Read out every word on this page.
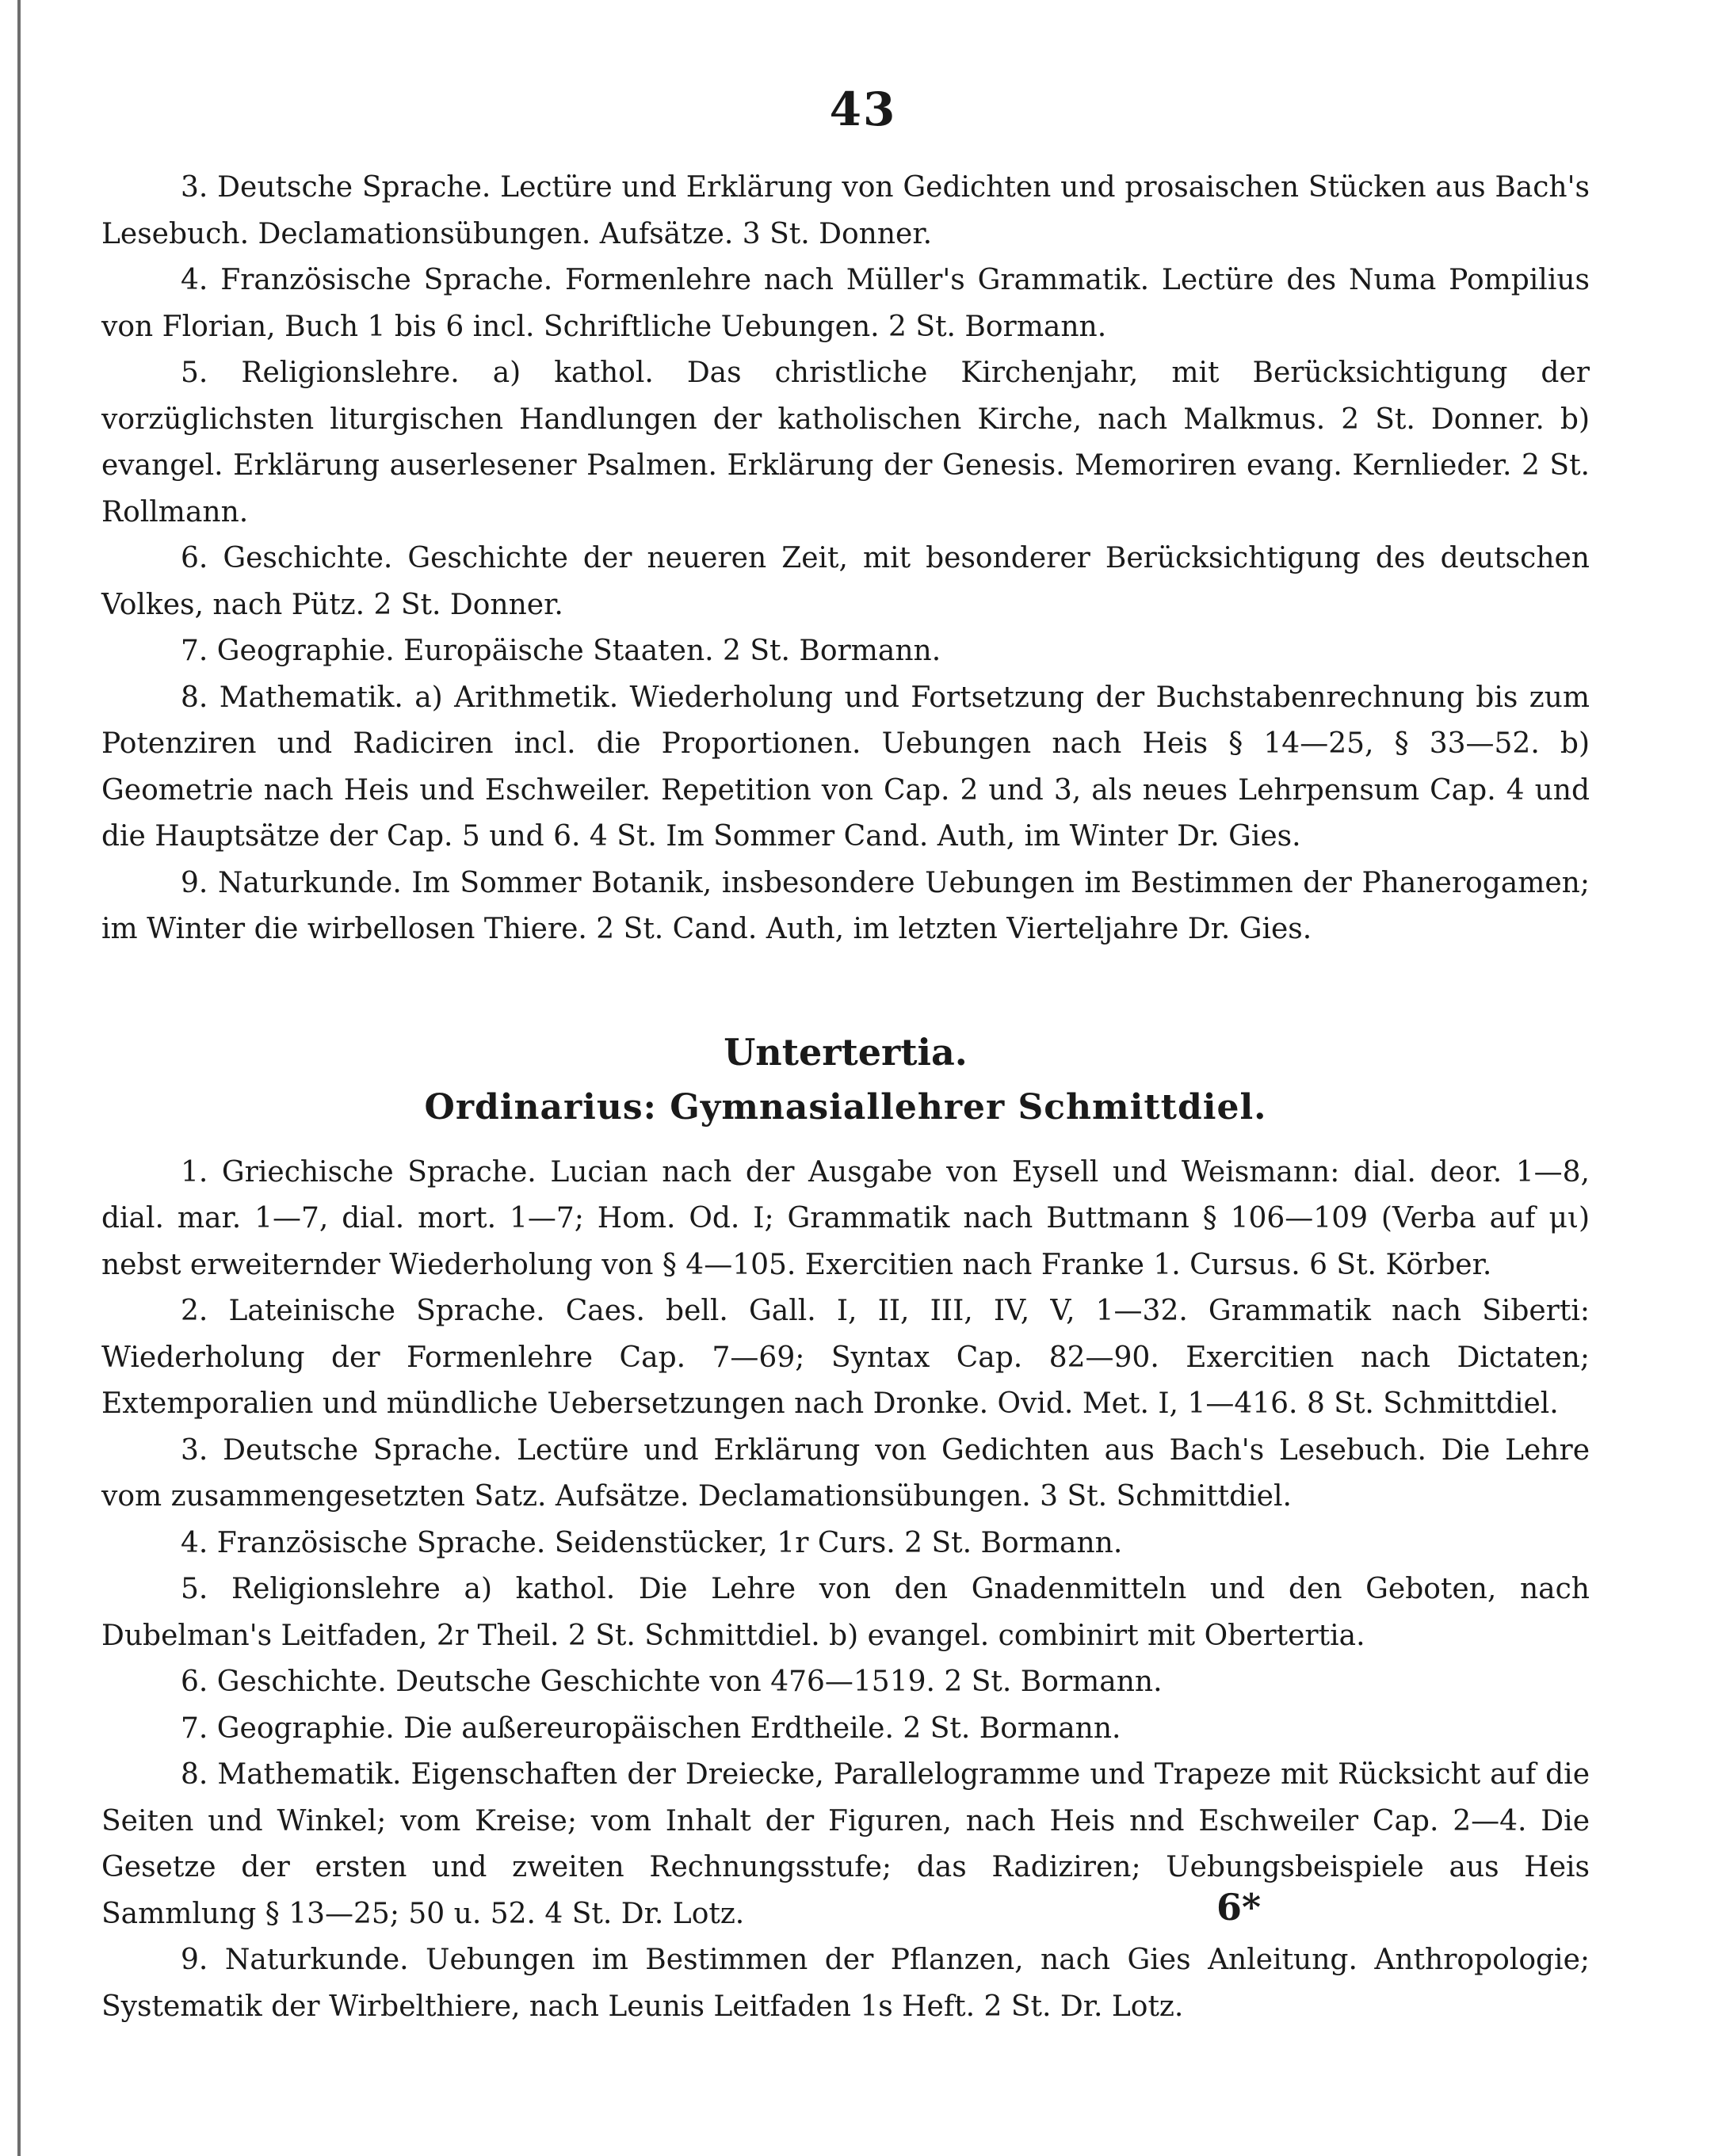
43

3. Deutsche Sprache. Lectüre und Erklärung von Gedichten und prosaischen Stücken aus Bach's Lesebuch. Declamationsübungen. Aufsätze. 3 St. Donner.

4. Französische Sprache. Formenlehre nach Müller's Grammatik. Lectüre des Numa Pompilius von Florian, Buch 1 bis 6 incl. Schriftliche Uebungen. 2 St. Bormann.

5. Religionslehre. a) kathol. Das christliche Kirchenjahr, mit Berücksichtigung der vorzüglichsten liturgischen Handlungen der katholischen Kirche, nach Malkmus. 2 St. Donner. b) evangel. Erklärung auserlesener Psalmen. Erklärung der Genesis. Memoriren evang. Kernlieder. 2 St. Rollmann.

6. Geschichte. Geschichte der neueren Zeit, mit besonderer Berücksichtigung des deutschen Volkes, nach Pütz. 2 St. Donner.

7. Geographie. Europäische Staaten. 2 St. Bormann.

8. Mathematik. a) Arithmetik. Wiederholung und Fortsetzung der Buchstabenrechnung bis zum Potenziren und Radiciren incl. die Proportionen. Uebungen nach Heis § 14—25, § 33—52. b) Geometrie nach Heis und Eschweiler. Repetition von Cap. 2 und 3, als neues Lehrpensum Cap. 4 und die Hauptsätze der Cap. 5 und 6. 4 St. Im Sommer Cand. Auth, im Winter Dr. Gies.

9. Naturkunde. Im Sommer Botanik, insbesondere Uebungen im Bestimmen der Phanerogamen; im Winter die wirbellosen Thiere. 2 St. Cand. Auth, im letzten Vierteljahre Dr. Gies.

Untertertia.
Ordinarius: Gymnasiallehrer Schmittdiel.

1. Griechische Sprache. Lucian nach der Ausgabe von Eysell und Weismann: dial. deor. 1—8, dial. mar. 1—7, dial. mort. 1—7; Hom. Od. I; Grammatik nach Buttmann § 106—109 (Verba auf μι) nebst erweiternder Wiederholung von § 4—105. Exercitien nach Franke 1. Cursus. 6 St. Körber.

2. Lateinische Sprache. Caes. bell. Gall. I, II, III, IV, V, 1—32. Grammatik nach Siberti: Wiederholung der Formenlehre Cap. 7—69; Syntax Cap. 82—90. Exercitien nach Dictaten; Extemporalien und mündliche Uebersetzungen nach Dronke. Ovid. Met. I, 1—416. 8 St. Schmittdiel.

3. Deutsche Sprache. Lectüre und Erklärung von Gedichten aus Bach's Lesebuch. Die Lehre vom zusammengesetzten Satz. Aufsätze. Declamationsübungen. 3 St. Schmittdiel.

4. Französische Sprache. Seidenstücker, 1r Curs. 2 St. Bormann.

5. Religionslehre a) kathol. Die Lehre von den Gnadenmitteln und den Geboten, nach Dubelman's Leitfaden, 2r Theil. 2 St. Schmittdiel. b) evangel. combinirt mit Obertertia.

6. Geschichte. Deutsche Geschichte von 476—1519. 2 St. Bormann.

7. Geographie. Die außereuropäischen Erdtheile. 2 St. Bormann.

8. Mathematik. Eigenschaften der Dreiecke, Parallelogramme und Trapeze mit Rücksicht auf die Seiten und Winkel; vom Kreise; vom Inhalt der Figuren, nach Heis nnd Eschweiler Cap. 2—4. Die Gesetze der ersten und zweiten Rechnungsstufe; das Radiziren; Uebungsbeispiele aus Heis Sammlung § 13—25; 50 u. 52. 4 St. Dr. Lotz.

9. Naturkunde. Uebungen im Bestimmen der Pflanzen, nach Gies Anleitung. Anthropologie; Systematik der Wirbelthiere, nach Leunis Leitfaden 1s Heft. 2 St. Dr. Lotz.

6*
